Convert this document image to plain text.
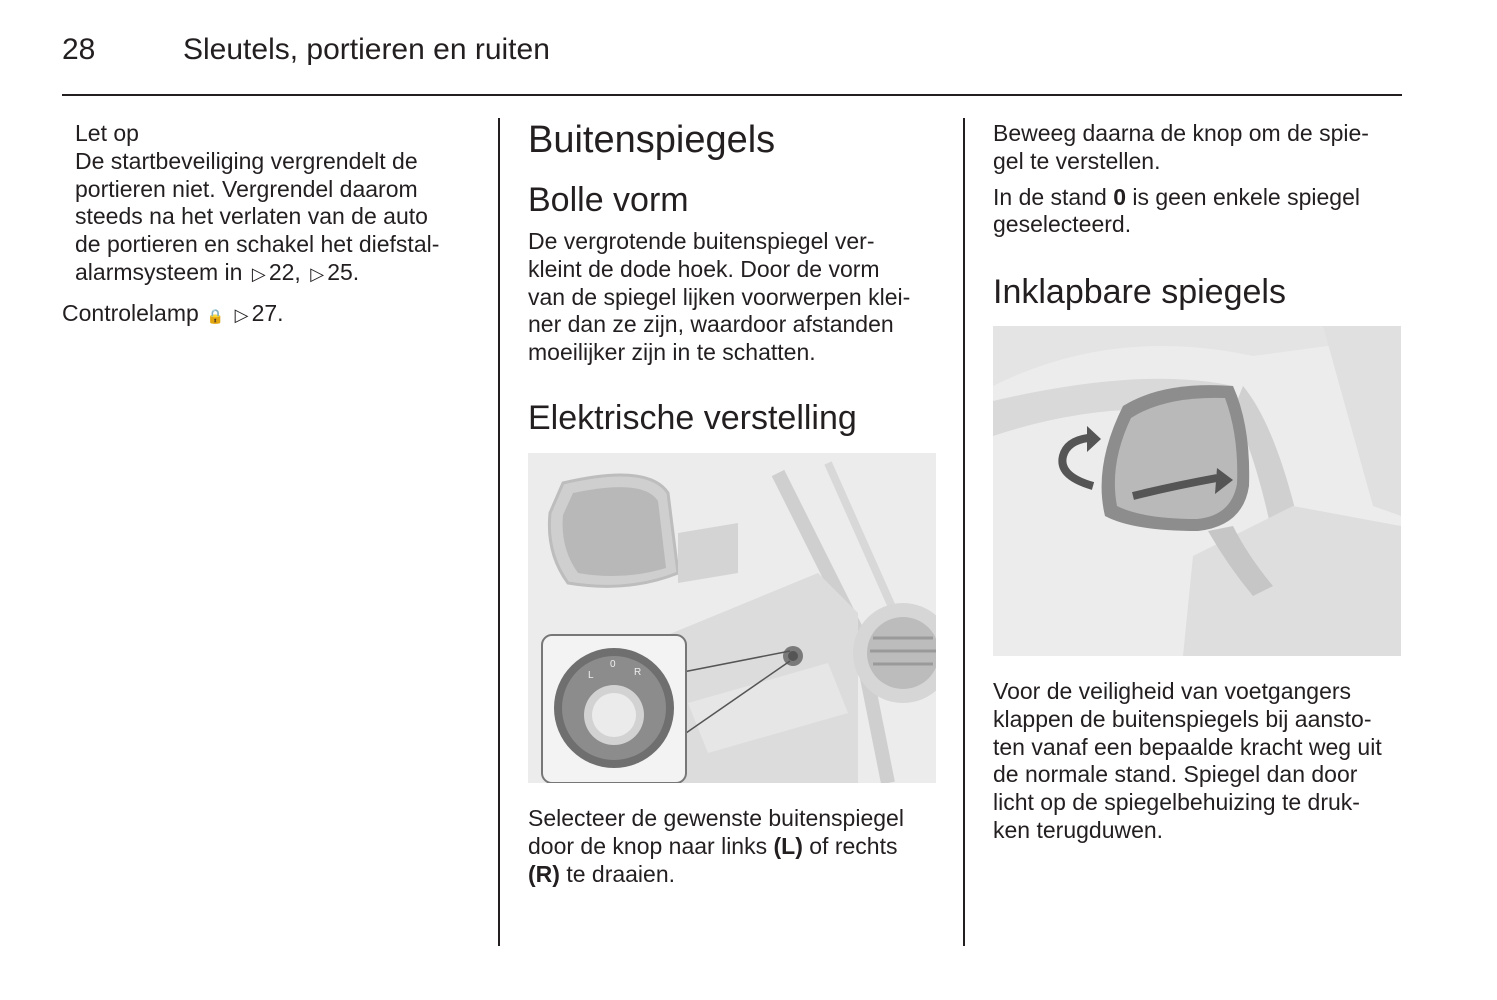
28	Sleutels, portieren en ruiten

Let op

De startbeveiliging vergrendelt de

portieren niet. Vergrendel daarom

steeds na het verlaten van de auto

de portieren en schakel het diefstal-

alarmsysteem in ▷ 22, ▷ 25.

Controlelamp 🔒 ▷ 27.

Buitenspiegels
Bolle vorm

De vergrotende buitenspiegel ver-

kleint de dode hoek. Door de vorm

van de spiegel lijken voorwerpen klei-

ner dan ze zijn, waardoor afstanden

moeilijker zijn in te schatten.

Elektrische verstelling
L
0
R

Selecteer de gewenste buitenspiegel

door de knop naar links (L) of rechts

(R) te draaien.

Beweeg daarna de knop om de spie-

gel te verstellen.

In de stand 0 is geen enkele spiegel

geselecteerd.

Inklapbare spiegels

Voor de veiligheid van voetgangers

klappen de buitenspiegels bij aansto-

ten vanaf een bepaalde kracht weg uit

de normale stand. Spiegel dan door

licht op de spiegelbehuizing te druk-

ken terugduwen.
